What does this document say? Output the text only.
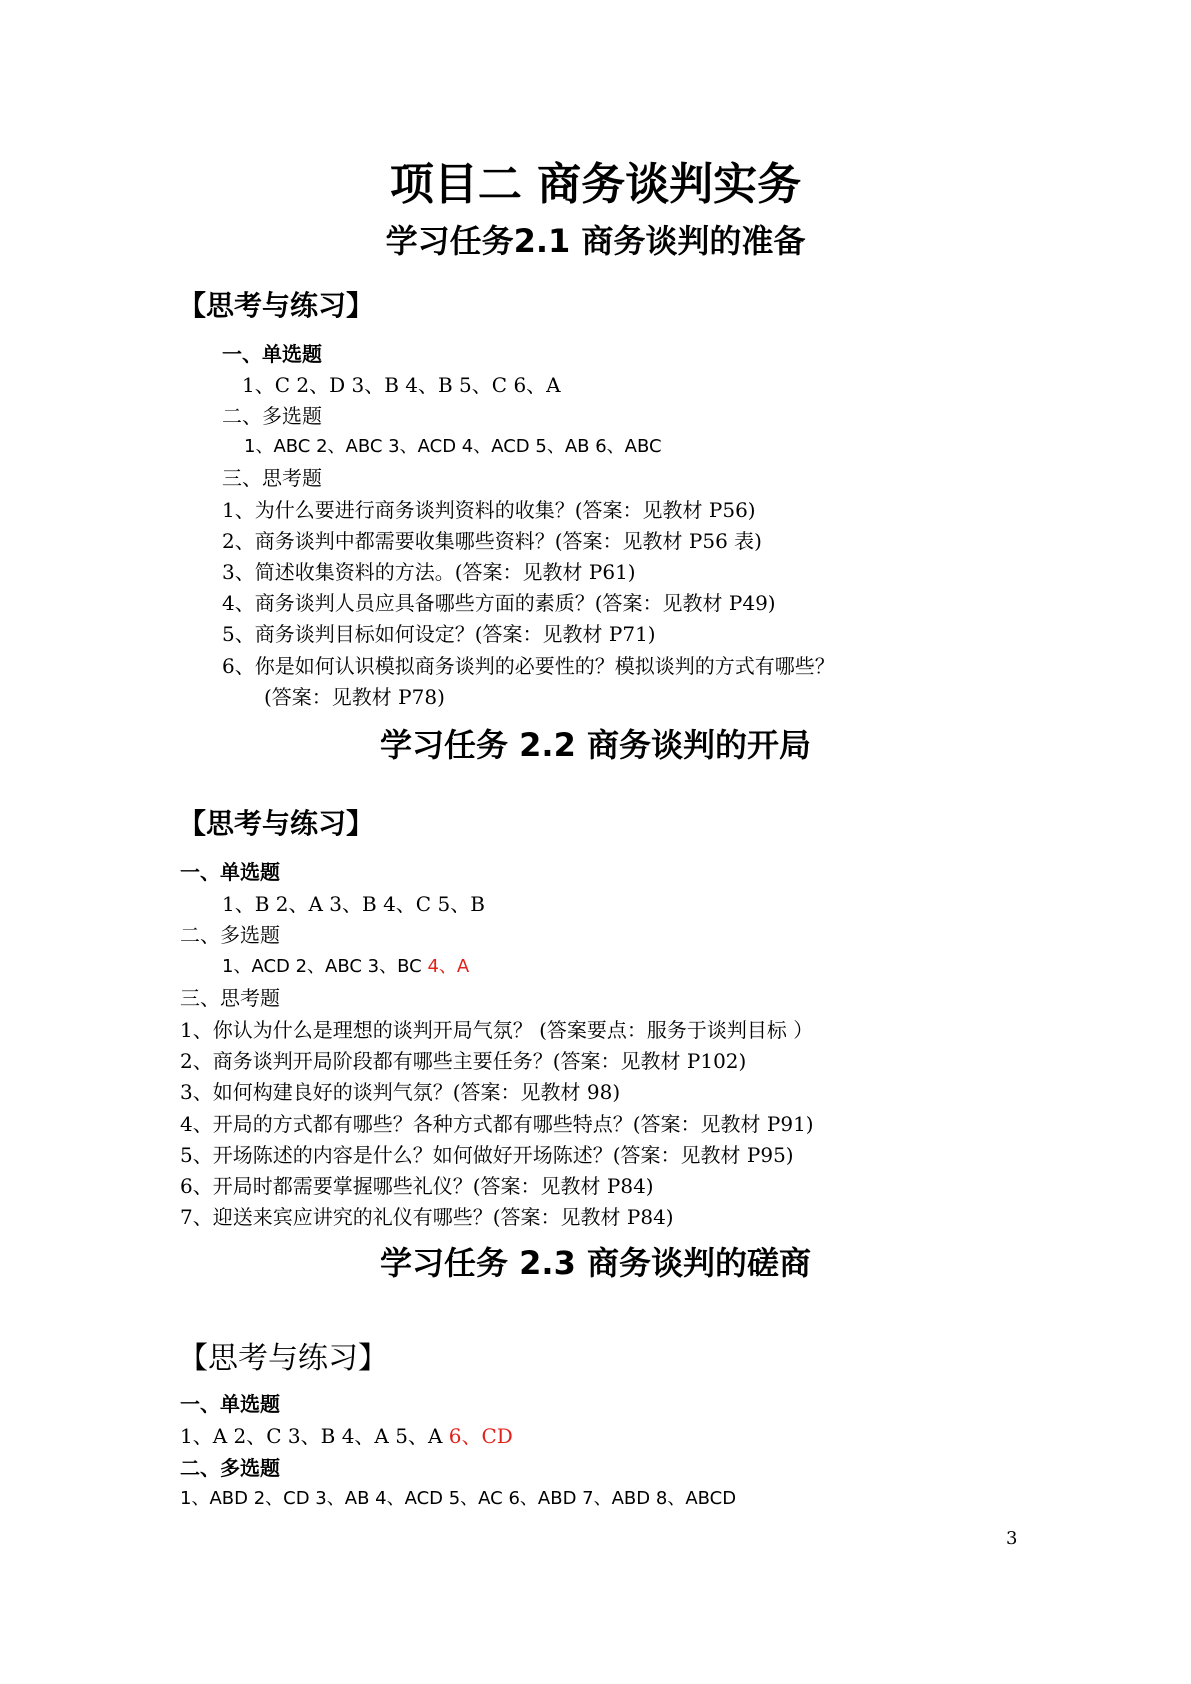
项目二 商务谈判实务
学习任务2.1 商务谈判的准备
【思考与练习】
一、单选题
1、C 2、D 3、B 4、B 5、C 6、A
二、多选题
1、ABC 2、ABC 3、ACD 4、ACD 5、AB 6、ABC
三、思考题
1、为什么要进行商务谈判资料的收集？(答案：见教材 P56)
2、商务谈判中都需要收集哪些资料？(答案：见教材 P56 表)
3、简述收集资料的方法。(答案：见教材 P61)
4、商务谈判人员应具备哪些方面的素质？(答案：见教材 P49)
5、商务谈判目标如何设定？(答案：见教材 P71)
6、你是如何认识模拟商务谈判的必要性的？模拟谈判的方式有哪些？
(答案：见教材 P78)
学习任务 2.2 商务谈判的开局
【思考与练习】
一、单选题
1、B 2、A 3、B 4、C 5、B
二、多选题
1、ACD 2、ABC 3、BC 4、A
三、思考题
1、你认为什么是理想的谈判开局气氛？ (答案要点：服务于谈判目标 ）
2、商务谈判开局阶段都有哪些主要任务？(答案：见教材 P102)
3、如何构建良好的谈判气氛？(答案：见教材 98)
4、开局的方式都有哪些？各种方式都有哪些特点？(答案：见教材 P91)
5、开场陈述的内容是什么？如何做好开场陈述？(答案：见教材 P95)
6、开局时都需要掌握哪些礼仪？(答案：见教材 P84)
7、迎送来宾应讲究的礼仪有哪些？(答案：见教材 P84)
学习任务 2.3 商务谈判的磋商
【思考与练习】
一、单选题
1、A 2、C 3、B 4、A 5、A 6、CD
二、多选题
1、ABD 2、CD 3、AB 4、ACD 5、AC 6、ABD 7、ABD 8、ABCD
3
